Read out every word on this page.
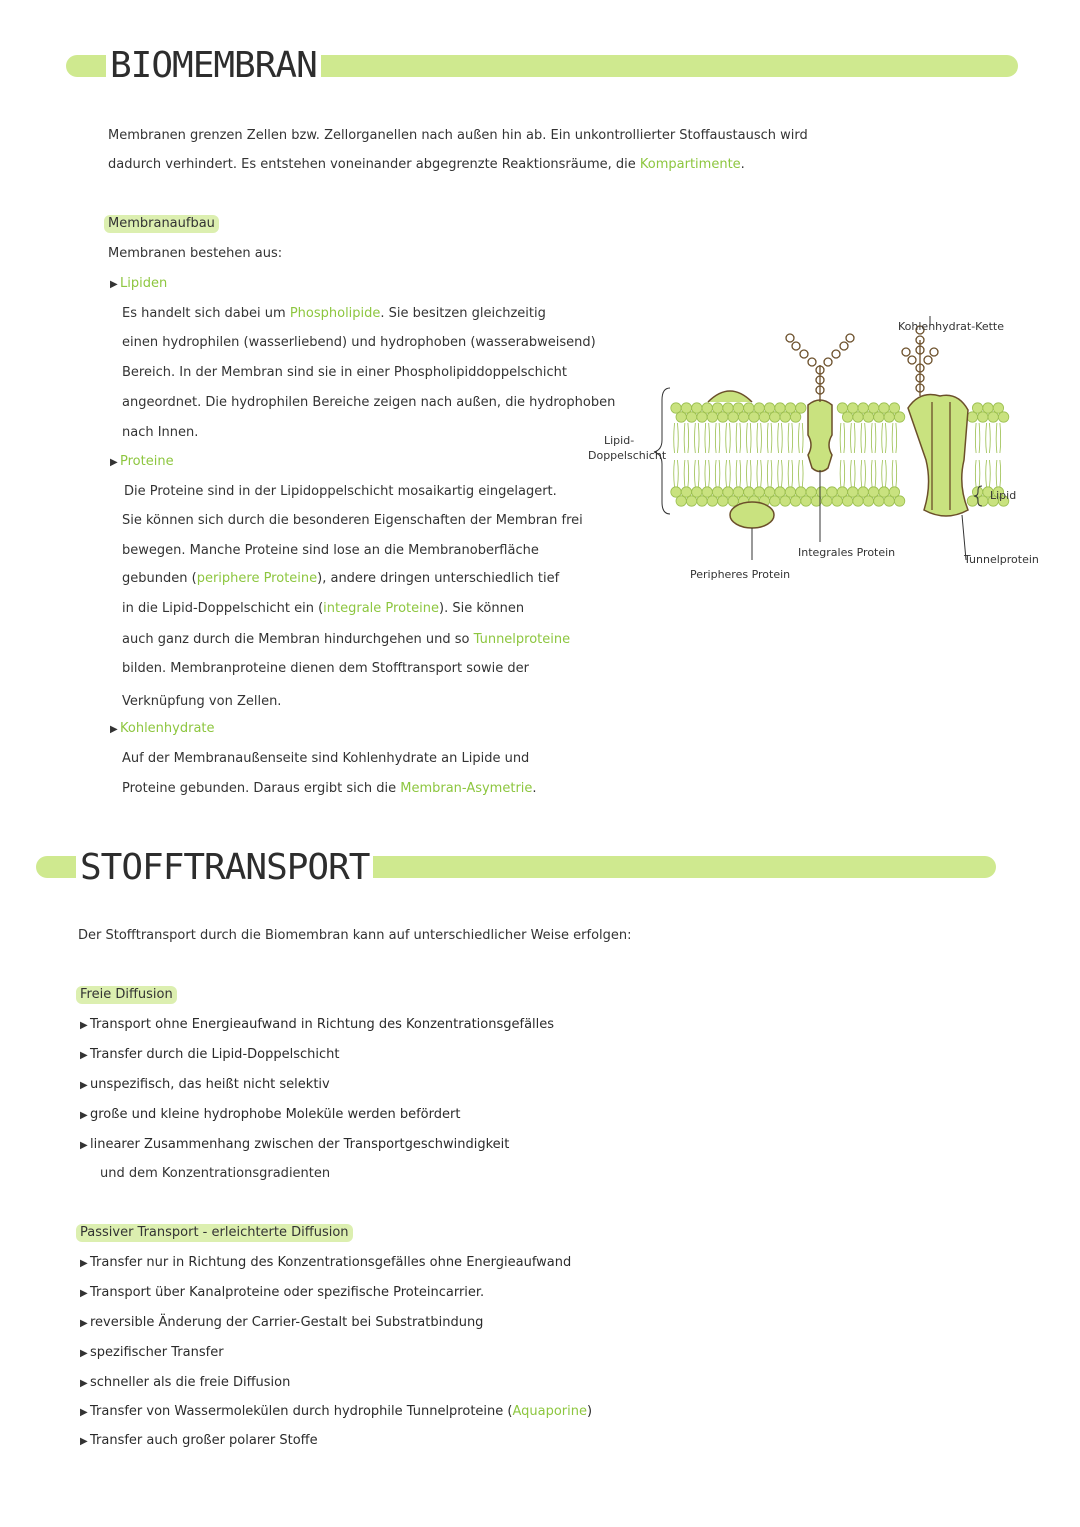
BIOMEMBRAN
Membranen grenzen Zellen bzw. Zellorganellen nach außen hin ab. Ein unkontrollierter Stoffaustausch wird
dadurch verhindert. Es entstehen voneinander abgegrenzte Reaktionsräume, die Kompartimente.
Membranaufbau
Membranen bestehen aus:
▶ Lipiden
Es handelt sich dabei um Phospholipide. Sie besitzen gleichzeitig
einen hydrophilen (wasserliebend) und hydrophoben (wasserabweisend)
Bereich. In der Membran sind sie in einer Phospholipiddoppelschicht
angeordnet. Die hydrophilen Bereiche zeigen nach außen, die hydrophoben
nach Innen.
▶ Proteine
Die Proteine sind in der Lipidoppelschicht mosaikartig eingelagert.
Sie können sich durch die besonderen Eigenschaften der Membran frei
bewegen. Manche Proteine sind lose an die Membranoberfläche
gebunden (periphere Proteine), andere dringen unterschiedlich tief
in die Lipid-Doppelschicht ein (integrale Proteine). Sie können
auch ganz durch die Membran hindurchgehen und so Tunnelproteine
bilden. Membranproteine dienen dem Stofftransport sowie der
Verknüpfung von Zellen.
▶ Kohlenhydrate
Auf der Membranaußenseite sind Kohlenhydrate an Lipide und
Proteine gebunden. Daraus ergibt sich die Membran-Asymetrie.
Kohlenhydrat-Kette
Lipid-
Doppelschicht
Lipid
Integrales Protein
Tunnelprotein
Peripheres Protein
STOFFTRANSPORT
Der Stofftransport durch die Biomembran kann auf unterschiedlicher Weise erfolgen:
Freie Diffusion
▶ Transport ohne Energieaufwand in Richtung des Konzentrationsgefälles
▶ Transfer durch die Lipid-Doppelschicht
▶ unspezifisch, das heißt nicht selektiv
▶ große und kleine hydrophobe Moleküle werden befördert
▶ linearer Zusammenhang zwischen der Transportgeschwindigkeit
und dem Konzentrationsgradienten
Passiver Transport - erleichterte Diffusion
▶ Transfer nur in Richtung des Konzentrationsgefälles ohne Energieaufwand
▶ Transport über Kanalproteine oder spezifische Proteincarrier.
▶ reversible Änderung der Carrier-Gestalt bei Substratbindung
▶ spezifischer Transfer
▶ schneller als die freie Diffusion
▶ Transfer von Wassermolekülen durch hydrophile Tunnelproteine (Aquaporine)
▶ Transfer auch großer polarer Stoffe
